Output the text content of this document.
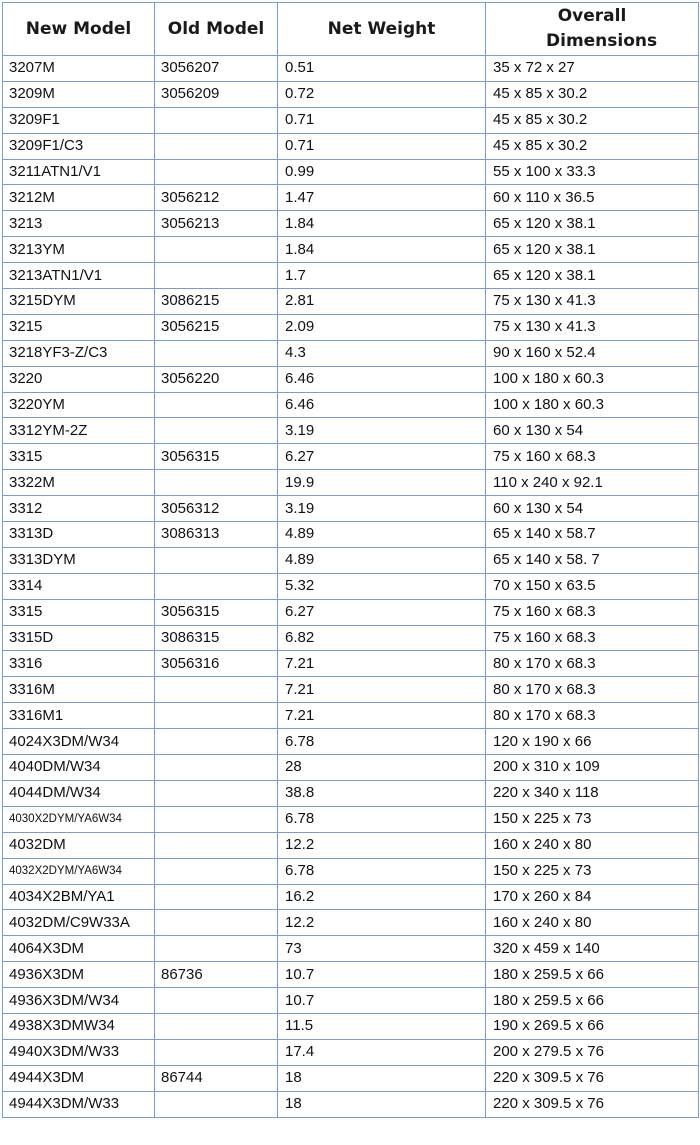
New Model	Old Model	Net Weight	Overall Dimensions
3207M	3056207	0.51	35 x 72 x 27
3209M	3056209	0.72	45 x 85 x 30.2
3209F1		0.71	45 x 85 x 30.2
3209F1/C3		0.71	45 x 85 x 30.2
3211ATN1/V1		0.99	55 x 100 x 33.3
3212M	3056212	1.47	60 x 110 x 36.5
3213	3056213	1.84	65 x 120 x 38.1
3213YM		1.84	65 x 120 x 38.1
3213ATN1/V1		1.7	65 x 120 x 38.1
3215DYM	3086215	2.81	75 x 130 x 41.3
3215	3056215	2.09	75 x 130 x 41.3
3218YF3-Z/C3		4.3	90 x 160 x 52.4
3220	3056220	6.46	100 x 180 x 60.3
3220YM		6.46	100 x 180 x 60.3
3312YM-2Z		3.19	60 x 130 x 54
3315	3056315	6.27	75 x 160 x 68.3
3322M		19.9	110 x 240 x 92.1
3312	3056312	3.19	60 x 130 x 54
3313D	3086313	4.89	65 x 140 x 58.7
3313DYM		4.89	65 x 140 x 58. 7
3314		5.32	70 x 150 x 63.5
3315	3056315	6.27	75 x 160 x 68.3
3315D	3086315	6.82	75 x 160 x 68.3
3316	3056316	7.21	80 x 170 x 68.3
3316M		7.21	80 x 170 x 68.3
3316M1		7.21	80 x 170 x 68.3
4024X3DM/W34		6.78	120 x 190 x 66
4040DM/W34		28	200 x 310 x 109
4044DM/W34		38.8	220 x 340 x 118
4030X2DYM/YA6W34		6.78	150 x 225 x 73
4032DM		12.2	160 x 240 x 80
4032X2DYM/YA6W34		6.78	150 x 225 x 73
4034X2BM/YA1		16.2	170 x 260 x 84
4032DM/C9W33A		12.2	160 x 240 x 80
4064X3DM		73	320 x 459 x 140
4936X3DM	86736	10.7	180 x 259.5 x 66
4936X3DM/W34		10.7	180 x 259.5 x 66
4938X3DMW34		11.5	190 x 269.5 x 66
4940X3DM/W33		17.4	200 x 279.5 x 76
4944X3DM	86744	18	220 x 309.5 x 76
4944X3DM/W33		18	220 x 309.5 x 76
